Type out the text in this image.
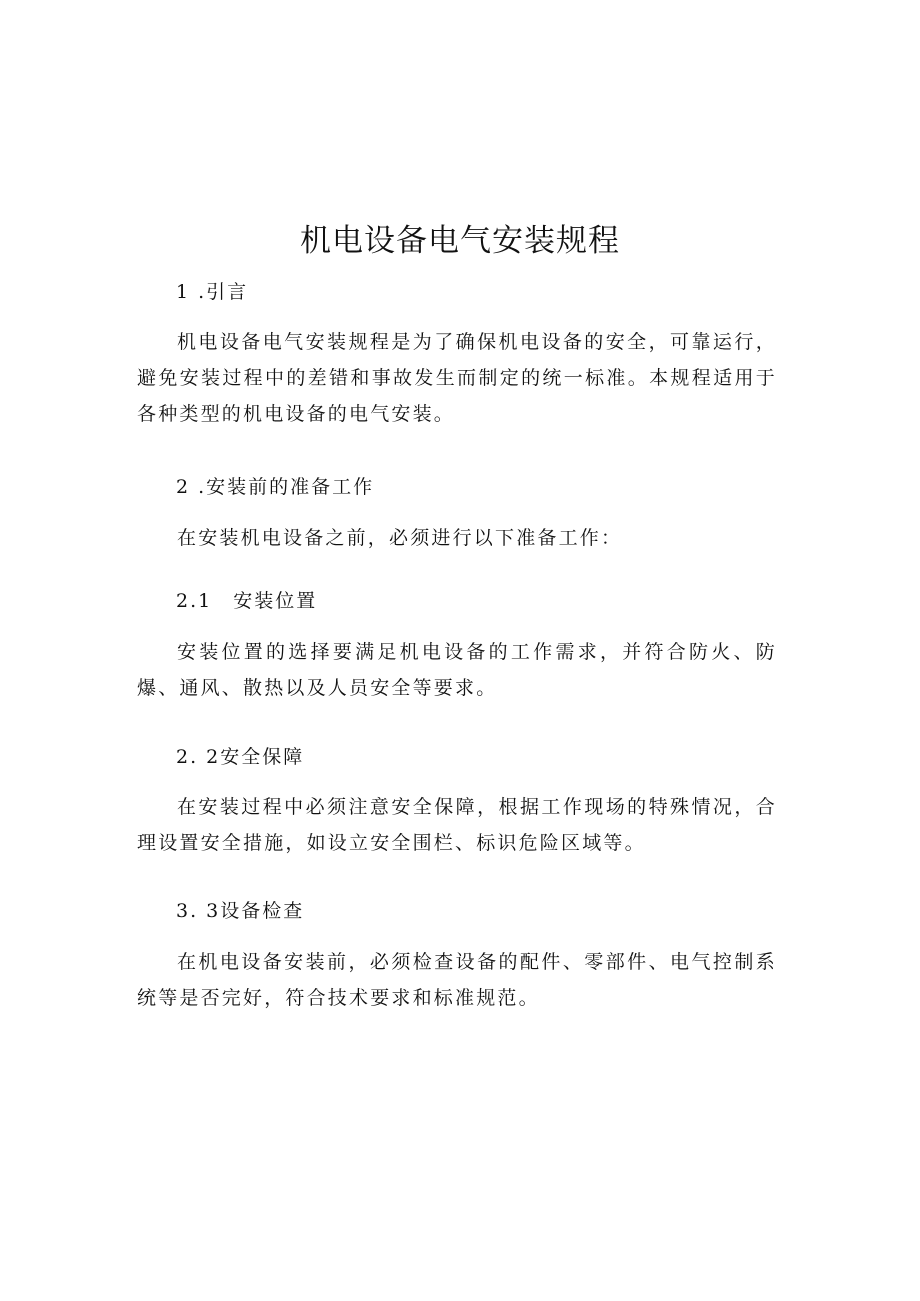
机电设备电气安装规程
1 .引言

机电设备电气安装规程是为了确保机电设备的安全，可靠运行，避免安装过程中的差错和事故发生而制定的统一标准。本规程适用于各种类型的机电设备的电气安装。

2 .安装前的准备工作

在安装机电设备之前，必须进行以下准备工作：

2.1　安装位置

安装位置的选择要满足机电设备的工作需求，并符合防火、防爆、通风、散热以及人员安全等要求。

2. 2安全保障

在安装过程中必须注意安全保障，根据工作现场的特殊情况，合理设置安全措施，如设立安全围栏、标识危险区域等。

3. 3设备检查

在机电设备安装前，必须检查设备的配件、零部件、电气控制系统等是否完好，符合技术要求和标准规范。
